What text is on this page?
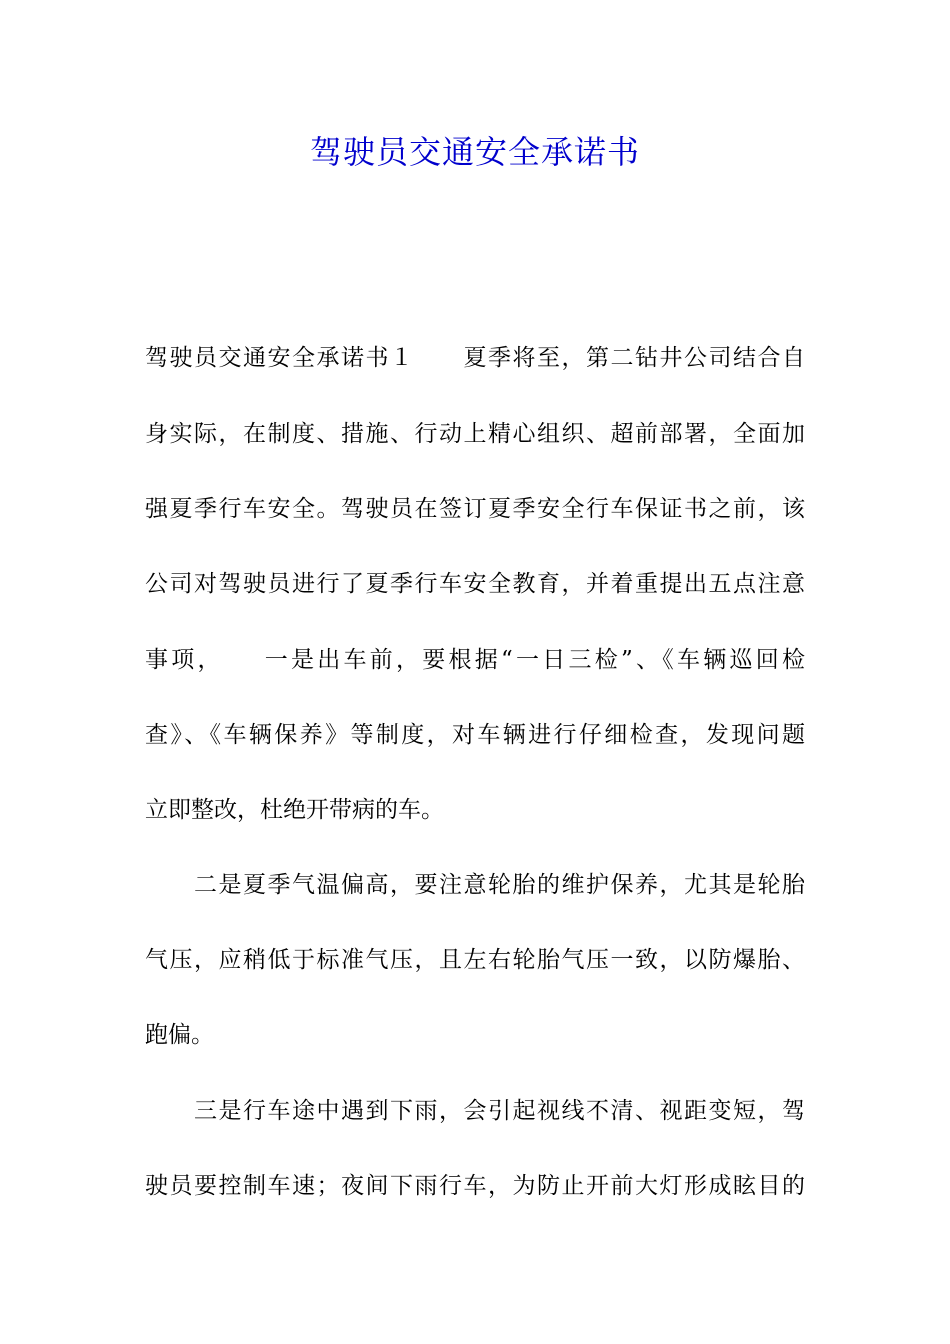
驾驶员交通安全承诺书
驾驶员交通安全承诺书１　　夏季将至，第二钻井公司结合自
身实际，在制度、措施、行动上精心组织、超前部署，全面加
强夏季行车安全。驾驶员在签订夏季安全行车保证书之前，该
公司对驾驶员进行了夏季行车安全教育，并着重提出五点注意
事项，　　一是出车前，要根据“一日三检”、《车辆巡回检
查》、《车辆保养》等制度，对车辆进行仔细检查，发现问题
立即整改，杜绝开带病的车。
　　二是夏季气温偏高，要注意轮胎的维护保养，尤其是轮胎
气压，应稍低于标准气压，且左右轮胎气压一致，以防爆胎、
跑偏。
　　三是行车途中遇到下雨，会引起视线不清、视距变短，驾
驶员要控制车速；夜间下雨行车，为防止开前大灯形成眩目的
